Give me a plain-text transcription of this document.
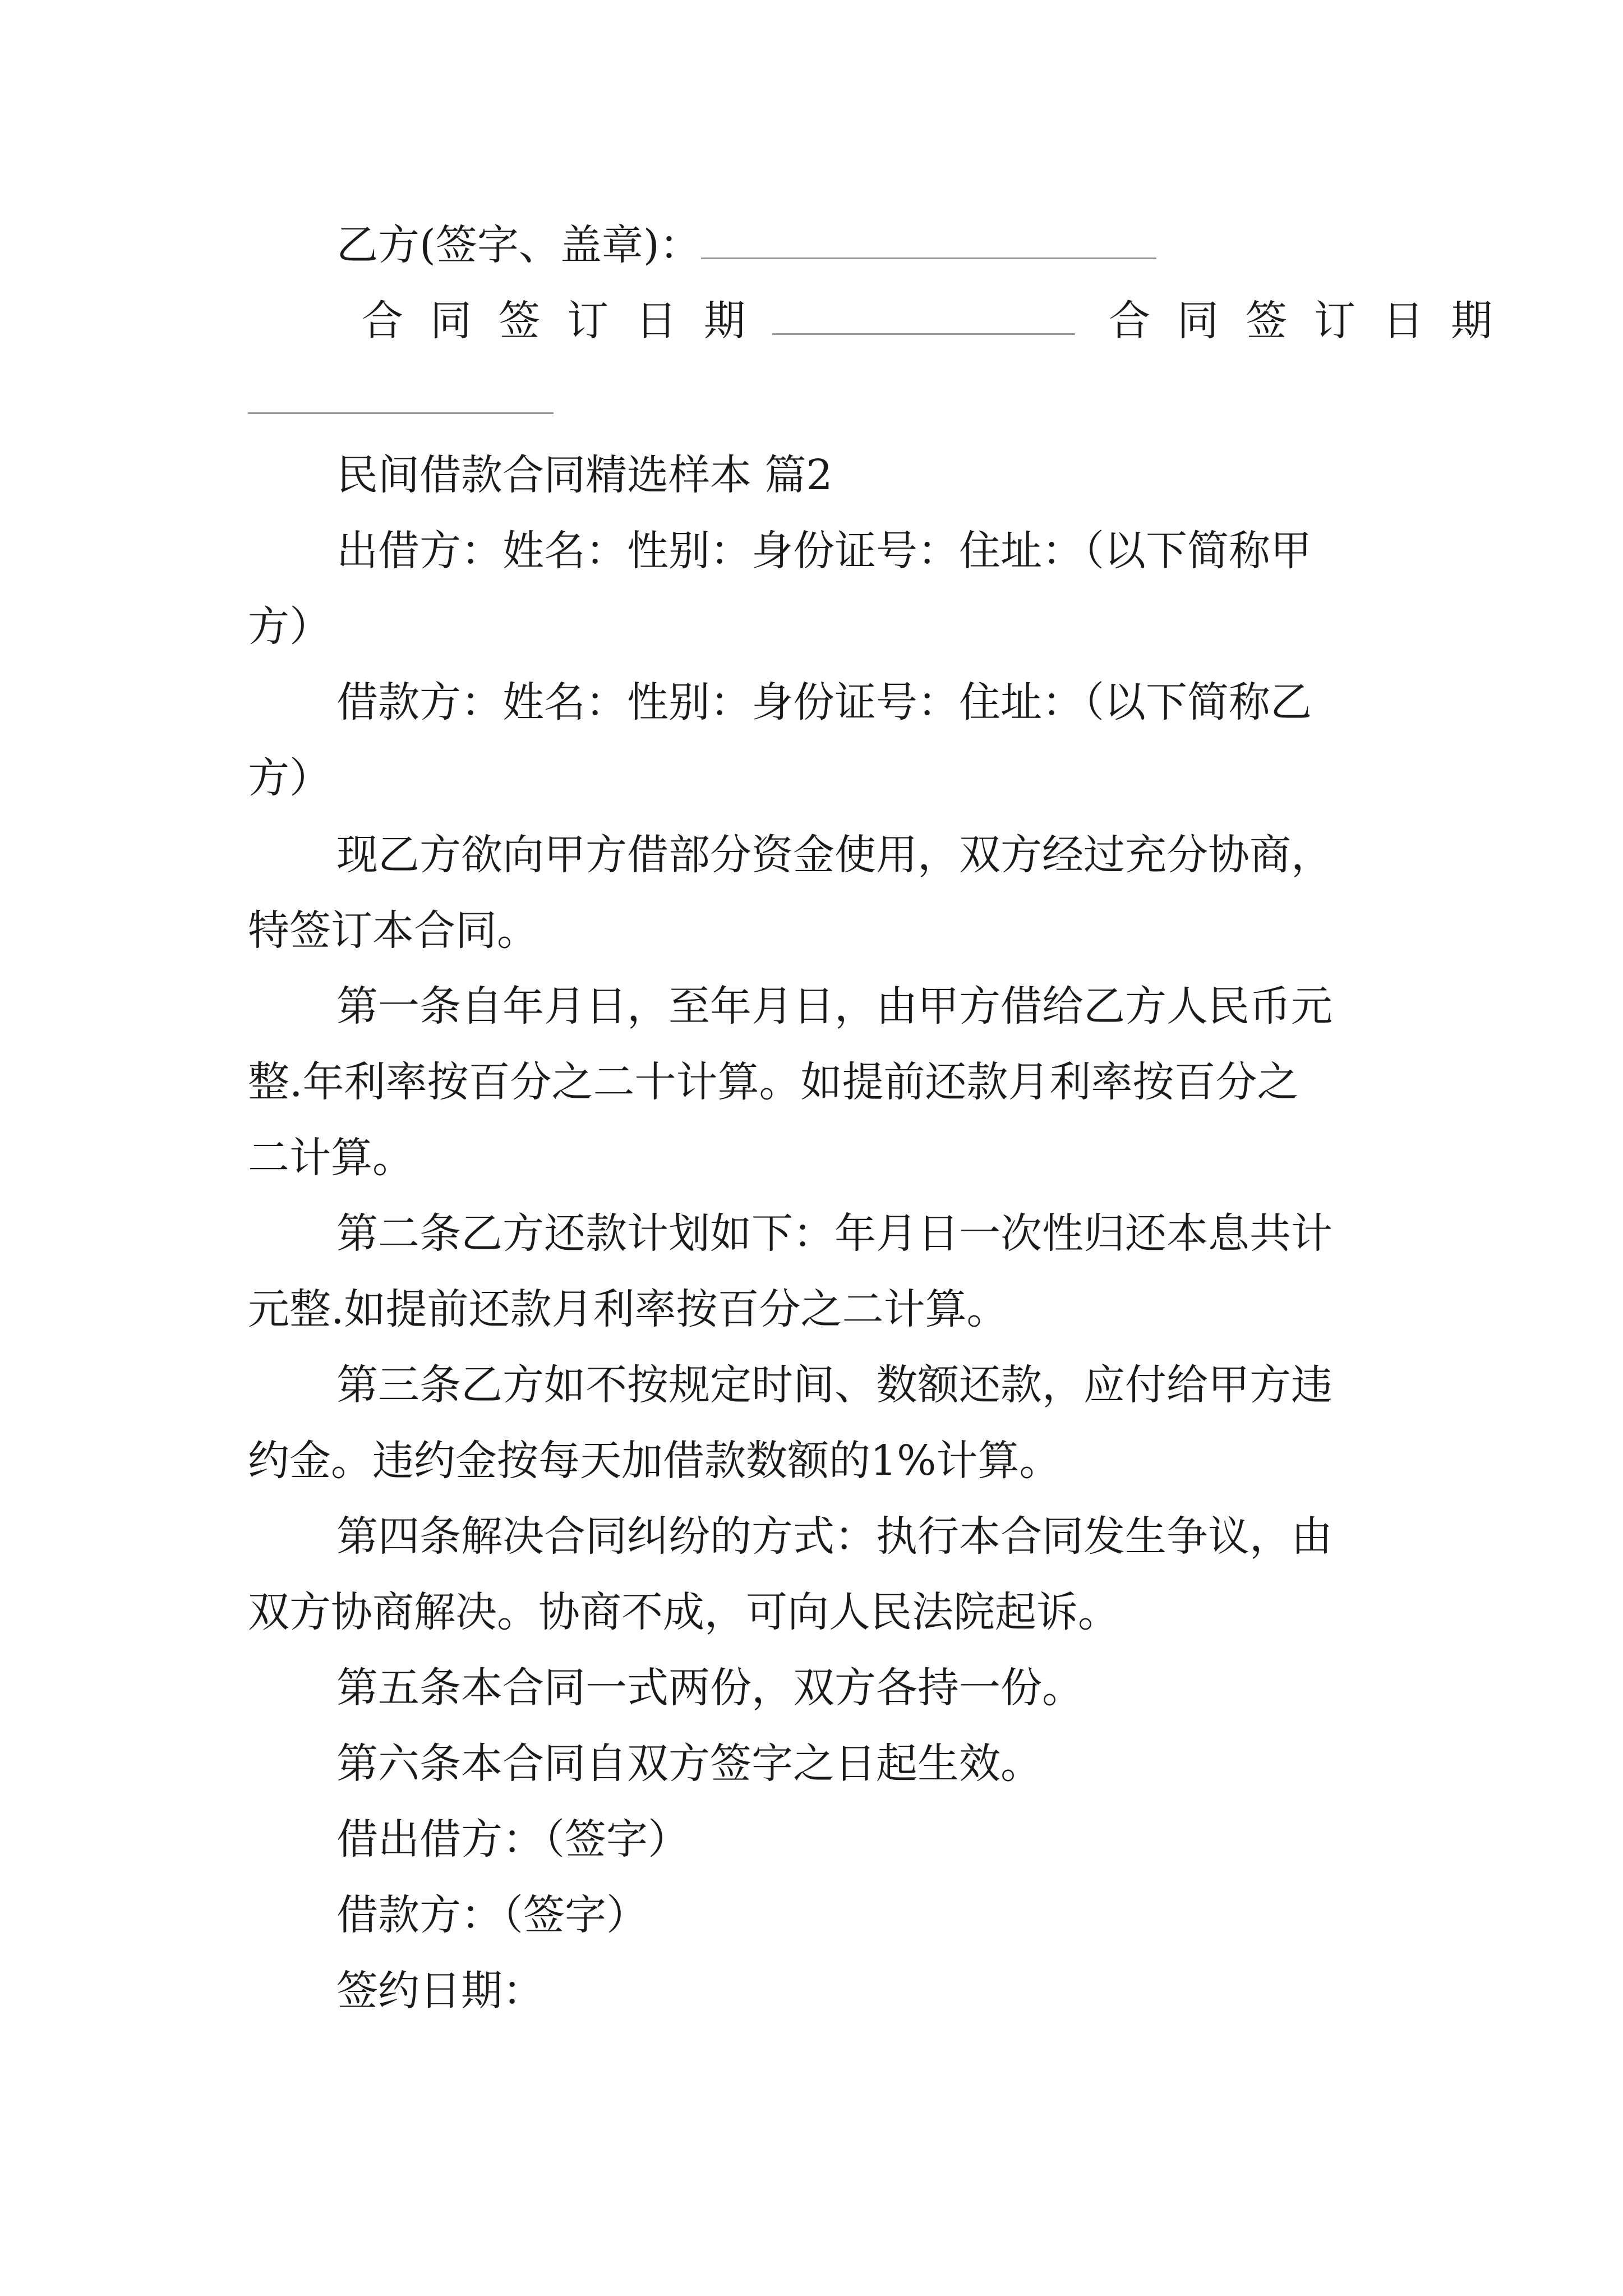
乙方(签字、盖章)：
合同签订日期	合同签订日期
民间借款合同精选样本 篇2
出借方：姓名：性别：身份证号：住址：（以下简称甲
方）
借款方：姓名：性别：身份证号：住址：（以下简称乙
方）
现乙方欲向甲方借部分资金使用，双方经过充分协商，
特签订本合同。
第一条自年月日，至年月日，由甲方借给乙方人民币元
整.年利率按百分之二十计算。如提前还款月利率按百分之
二计算。
第二条乙方还款计划如下：年月日一次性归还本息共计
元整.如提前还款月利率按百分之二计算。
第三条乙方如不按规定时间、数额还款，应付给甲方违
约金。违约金按每天加借款数额的1%计算。
第四条解决合同纠纷的方式：执行本合同发生争议，由
双方协商解决。协商不成，可向人民法院起诉。
第五条本合同一式两份，双方各持一份。
第六条本合同自双方签字之日起生效。
借出借方：（签字）
借款方：（签字）
签约日期：
